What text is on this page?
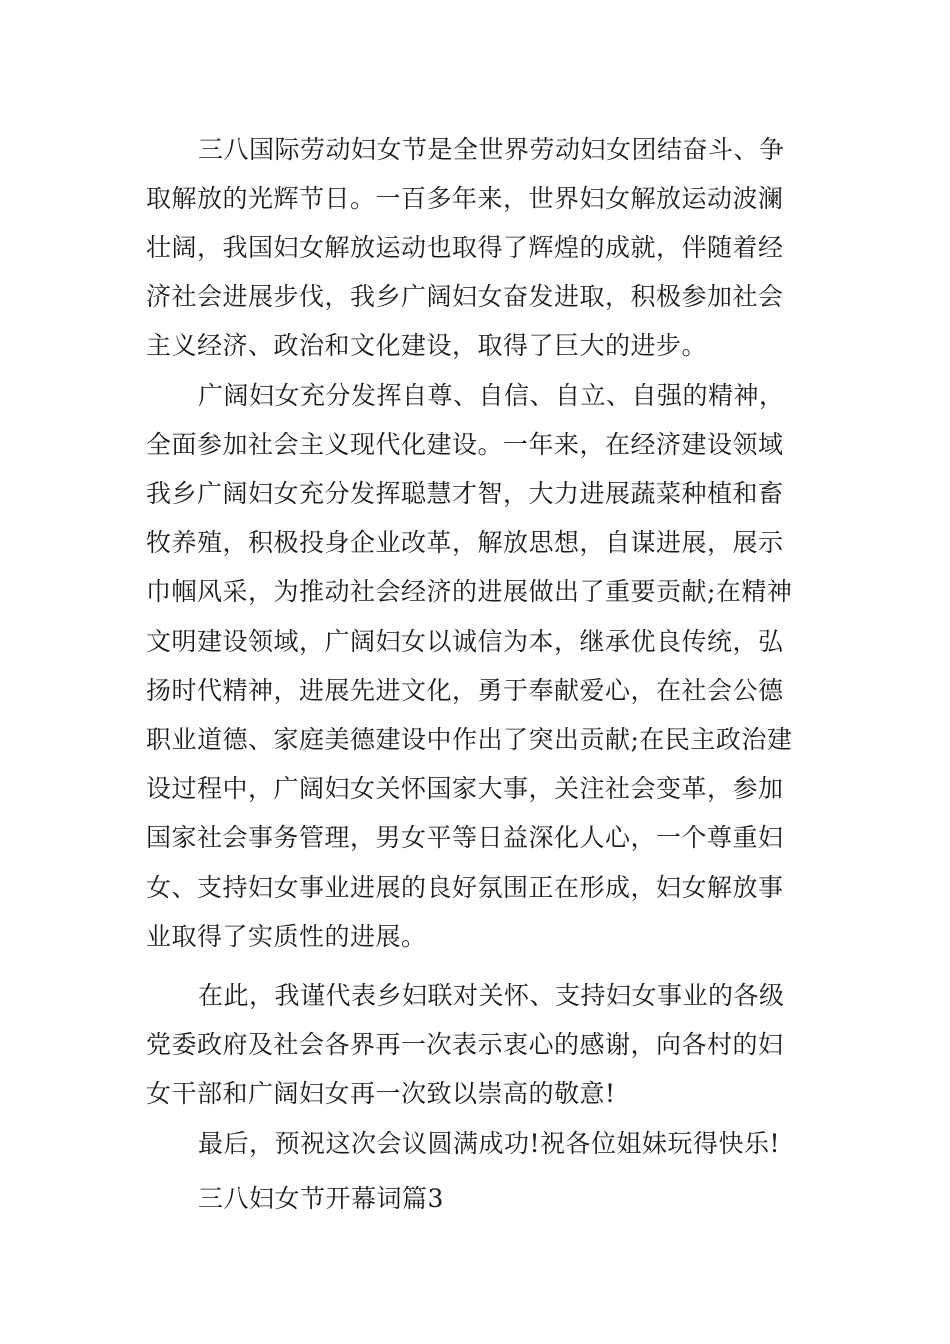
三八国际劳动妇女节是全世界劳动妇女团结奋斗、争
取解放的光辉节日。一百多年来，世界妇女解放运动波澜
壮阔，我国妇女解放运动也取得了辉煌的成就，伴随着经
济社会进展步伐，我乡广阔妇女奋发进取，积极参加社会
主义经济、政治和文化建设，取得了巨大的进步。
广阔妇女充分发挥自尊、自信、自立、自强的精神，
全面参加社会主义现代化建设。一年来，在经济建设领域
我乡广阔妇女充分发挥聪慧才智，大力进展蔬菜种植和畜
牧养殖，积极投身企业改革，解放思想，自谋进展，展示
巾帼风采，为推动社会经济的进展做出了重要贡献;在精神
文明建设领域，广阔妇女以诚信为本，继承优良传统，弘
扬时代精神，进展先进文化，勇于奉献爱心，在社会公德
职业道德、家庭美德建设中作出了突出贡献;在民主政治建
设过程中，广阔妇女关怀国家大事，关注社会变革，参加
国家社会事务管理，男女平等日益深化人心，一个尊重妇
女、支持妇女事业进展的良好氛围正在形成，妇女解放事
业取得了实质性的进展。
在此，我谨代表乡妇联对关怀、支持妇女事业的各级
党委政府及社会各界再一次表示衷心的感谢，向各村的妇
女干部和广阔妇女再一次致以崇高的敬意!
最后，预祝这次会议圆满成功!祝各位姐妹玩得快乐!
三八妇女节开幕词篇3
